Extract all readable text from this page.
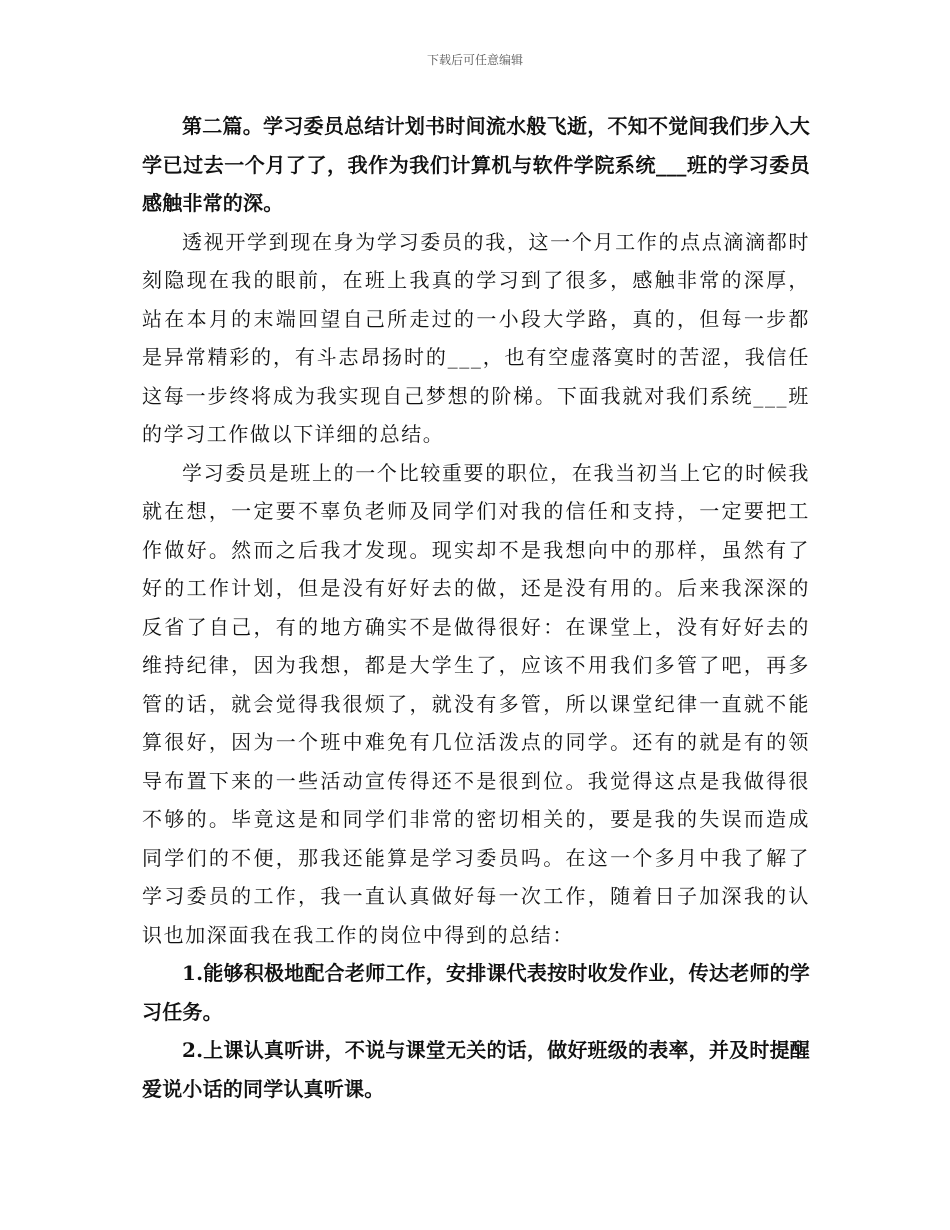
下载后可任意编辑

第二篇。学习委员总结计划书时间流水般飞逝，不知不觉间我们步入大学已过去一个月了了，我作为我们计算机与软件学院系统___班的学习委员感触非常的深。

透视开学到现在身为学习委员的我，这一个月工作的点点滴滴都时刻隐现在我的眼前，在班上我真的学习到了很多，感触非常的深厚，站在本月的末端回望自己所走过的一小段大学路，真的，但每一步都是异常精彩的，有斗志昂扬时的___，也有空虚落寞时的苦涩，我信任这每一步终将成为我实现自己梦想的阶梯。下面我就对我们系统___班的学习工作做以下详细的总结。

学习委员是班上的一个比较重要的职位，在我当初当上它的时候我就在想，一定要不辜负老师及同学们对我的信任和支持，一定要把工作做好。然而之后我才发现。现实却不是我想向中的那样，虽然有了好的工作计划，但是没有好好去的做，还是没有用的。后来我深深的反省了自己，有的地方确实不是做得很好：在课堂上，没有好好去的维持纪律，因为我想，都是大学生了，应该不用我们多管了吧，再多管的话，就会觉得我很烦了，就没有多管，所以课堂纪律一直就不能算很好，因为一个班中难免有几位活泼点的同学。还有的就是有的领导布置下来的一些活动宣传得还不是很到位。我觉得这点是我做得很不够的。毕竟这是和同学们非常的密切相关的，要是我的失误而造成同学们的不便，那我还能算是学习委员吗。在这一个多月中我了解了学习委员的工作，我一直认真做好每一次工作，随着日子加深我的认识也加深面我在我工作的岗位中得到的总结：

1.能够积极地配合老师工作，安排课代表按时收发作业，传达老师的学习任务。

2.上课认真听讲，不说与课堂无关的话，做好班级的表率，并及时提醒爱说小话的同学认真听课。
